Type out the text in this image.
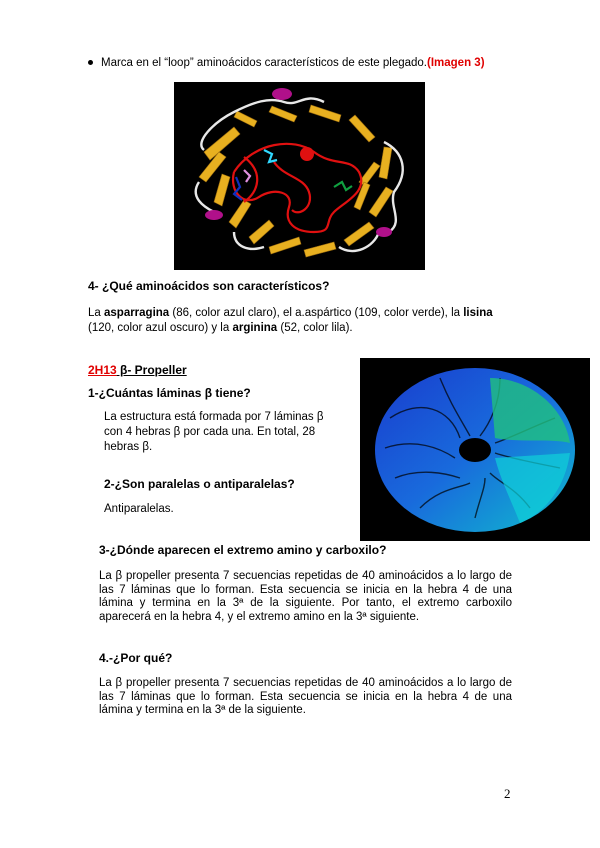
Marca en el “loop” aminoácidos característicos de este plegado.(Imagen 3)
4- ¿Qué aminoácidos son característicos?
La asparragina (86, color azul claro), el a.aspártico (109, color verde), la lisina (120, color azul oscuro) y la arginina (52, color lila).
2H13 β- Propeller
1-¿Cuántas láminas β tiene?
La estructura está formada por 7 láminas β con 4 hebras β por cada una. En total, 28 hebras β.
2-¿Son paralelas o antiparalelas?
Antiparalelas.
3-¿Dónde aparecen el extremo amino y carboxilo?
La β propeller presenta 7 secuencias repetidas de 40 aminoácidos a lo largo de las 7 láminas que lo forman. Esta secuencia se inicia en la hebra 4 de una lámina y termina en la 3ª de la siguiente. Por tanto, el extremo carboxilo aparecerá en la hebra 4, y el extremo amino en la 3ª siguiente.
4.-¿Por qué?
La β propeller presenta 7 secuencias repetidas de 40 aminoácidos a lo largo de las 7 láminas que lo forman. Esta secuencia se inicia en la hebra 4 de una lámina y termina en la 3ª de la siguiente.
2
